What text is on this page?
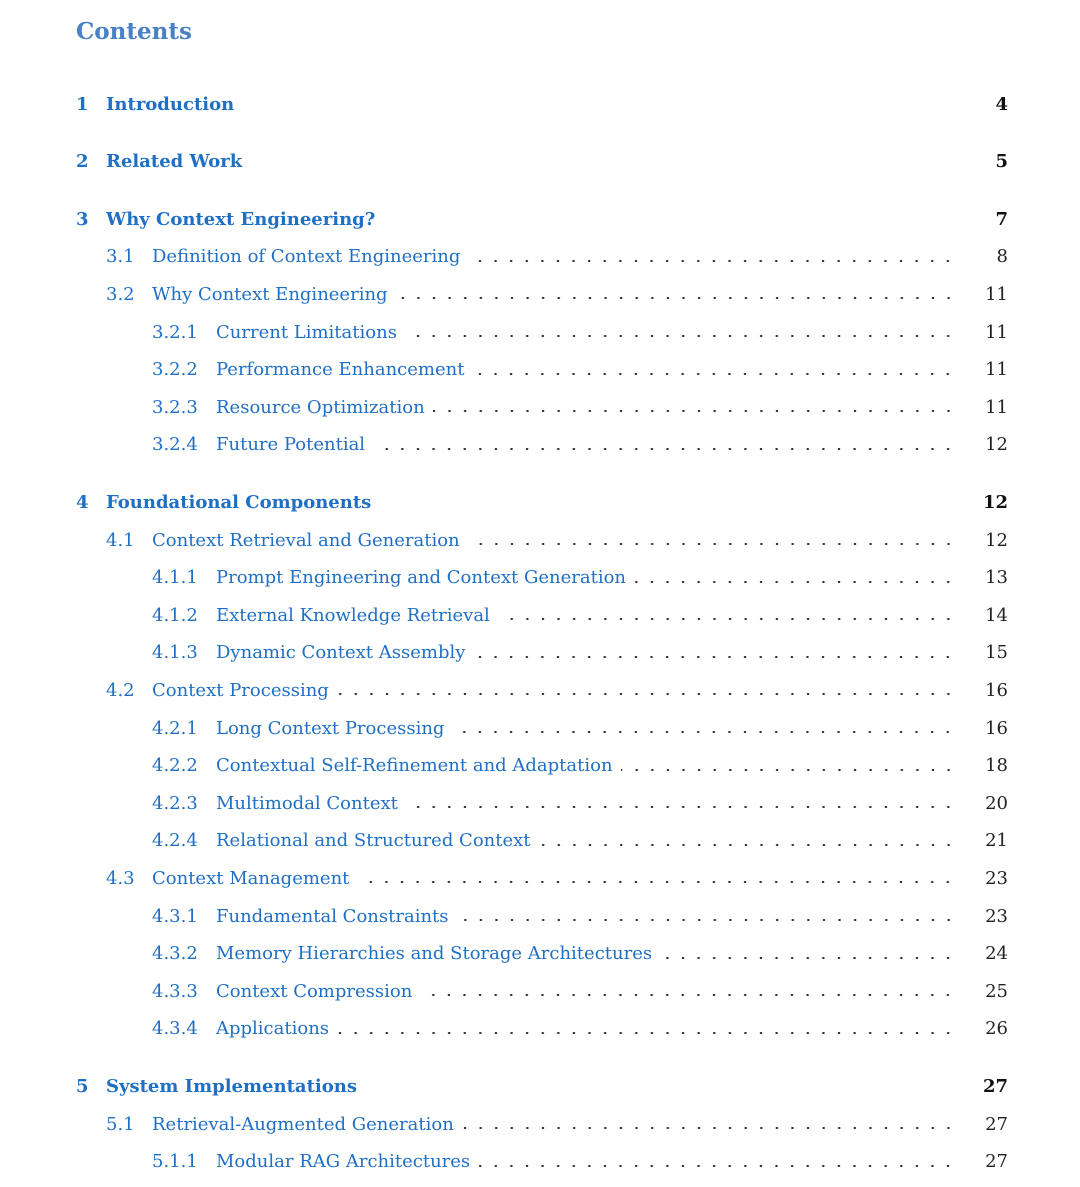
Contents
1 Introduction	4
2 Related Work	5
3 Why Context Engineering?	7
3.1 Definition of Context Engineering	8
3.2 Why Context Engineering	11
3.2.1	Current Limitations	11
3.2.2	Performance Enhancement	11
3.2.3	Resource Optimization	11
3.2.4	Future Potential	12
4 Foundational Components	12
4.1 Context Retrieval and Generation	12
4.1.1	Prompt Engineering and Context Generation	13
4.1.2	External Knowledge Retrieval	14
4.1.3	Dynamic Context Assembly	15
4.2 Context Processing	16
4.2.1	Long Context Processing	16
4.2.2	Contextual Self-Refinement and Adaptation	18
4.2.3	Multimodal Context	20
4.2.4	Relational and Structured Context	21
4.3 Context Management	23
4.3.1	Fundamental Constraints	23
4.3.2	Memory Hierarchies and Storage Architectures	24
4.3.3	Context Compression	25
4.3.4	Applications	26
5 System Implementations	27
5.1 Retrieval-Augmented Generation	27
5.1.1	Modular RAG Architectures	27
